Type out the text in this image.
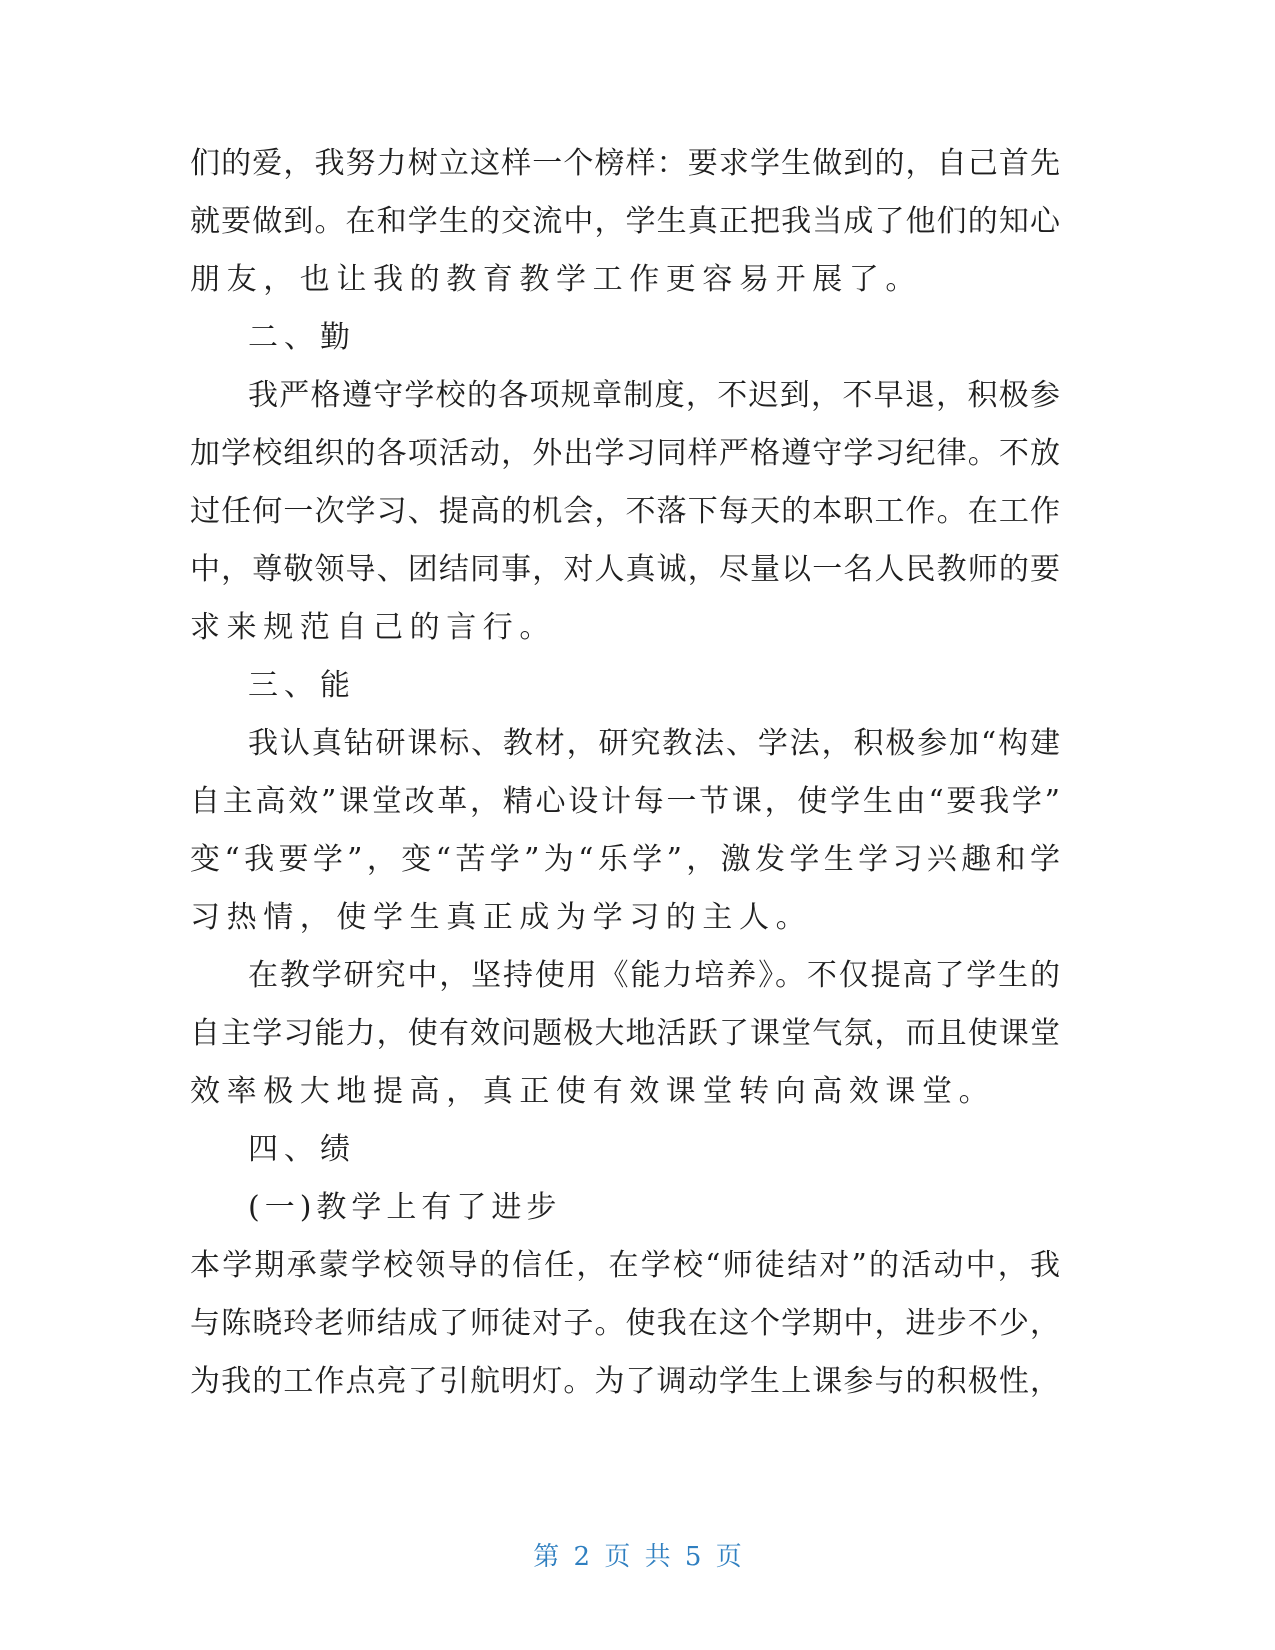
们的爱，我努力树立这样一个榜样：要求学生做到的，自己首先
就要做到。在和学生的交流中，学生真正把我当成了他们的知心
朋友，也让我的教育教学工作更容易开展了。
二、勤
我严格遵守学校的各项规章制度，不迟到，不早退，积极参
加学校组织的各项活动，外出学习同样严格遵守学习纪律。不放
过任何一次学习、提高的机会，不落下每天的本职工作。在工作
中，尊敬领导、团结同事，对人真诚，尽量以一名人民教师的要
求来规范自己的言行。
三、能
我认真钻研课标、教材，研究教法、学法，积极参加“构建
自主高效”课堂改革，精心设计每一节课，使学生由“要我学”
变“我要学”，变“苦学”为“乐学”，激发学生学习兴趣和学
习热情，使学生真正成为学习的主人。
在教学研究中，坚持使用《能力培养》。不仅提高了学生的
自主学习能力，使有效问题极大地活跃了课堂气氛，而且使课堂
效率极大地提高，真正使有效课堂转向高效课堂。
四、绩
(一)教学上有了进步
本学期承蒙学校领导的信任，在学校“师徒结对”的活动中，我
与陈晓玲老师结成了师徒对子。使我在这个学期中，进步不少，
为我的工作点亮了引航明灯。为了调动学生上课参与的积极性，
第 2 页 共 5 页
